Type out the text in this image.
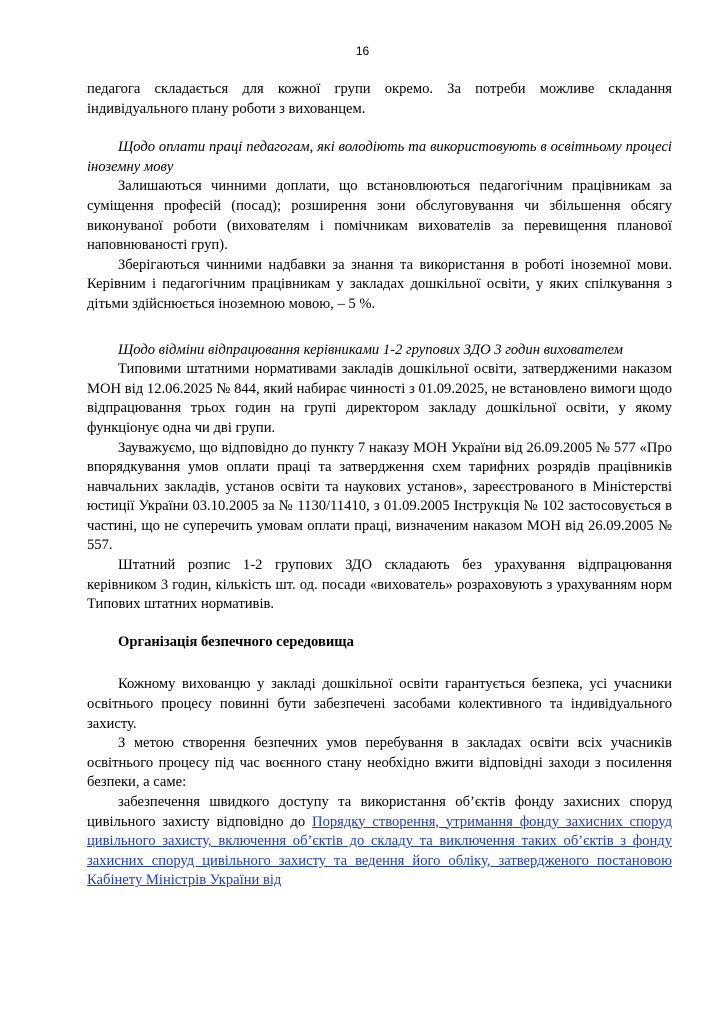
16

педагога складається для кожної групи окремо. За потреби можливе складання індивідуального плану роботи з вихованцем.

Щодо оплати праці педагогам, які володіють та використовують в освітньому процесі іноземну мову

Залишаються чинними доплати, що встановлюються педагогічним працівникам за суміщення професій (посад); розширення зони обслуговування чи збільшення обсягу виконуваної роботи (вихователям і помічникам вихователів за перевищення планової наповнюваності груп).

Зберігаються чинними надбавки за знання та використання в роботі іноземної мови. Керівним і педагогічним працівникам у закладах дошкільної освіти, у яких спілкування з дітьми здійснюється іноземною мовою, – 5 %.

Щодо відміни відпрацювання керівниками 1-2 групових ЗДО 3 годин вихователем

Типовими штатними нормативами закладів дошкільної освіти, затвердженими наказом МОН від 12.06.2025 № 844, який набирає чинності з 01.09.2025, не встановлено вимоги щодо відпрацювання трьох годин на групі директором закладу дошкільної освіти, у якому функціонує одна чи дві групи.

Зауважуємо, що відповідно до пункту 7 наказу МОН України від 26.09.2005 № 577 «Про впорядкування умов оплати праці та затвердження схем тарифних розрядів працівників навчальних закладів, установ освіти та наукових установ», зареєстрованого в Міністерстві юстиції України 03.10.2005 за № 1130/11410, з 01.09.2005 Інструкція № 102 застосовується в частині, що не суперечить умовам оплати праці, визначеним наказом МОН від 26.09.2005 № 557.

Штатний розпис 1-2 групових ЗДО складають без урахування відпрацювання керівником 3 годин, кількість шт. од. посади «вихователь» розраховують з урахуванням норм Типових штатних нормативів.

Організація безпечного середовища

Кожному вихованцю у закладі дошкільної освіти гарантується безпека, усі учасники освітнього процесу повинні бути забезпечені засобами колективного та індивідуального захисту.

З метою створення безпечних умов перебування в закладах освіти всіх учасників освітнього процесу під час воєнного стану необхідно вжити відповідні заходи з посилення безпеки, а саме:

забезпечення швидкого доступу та використання об’єктів фонду захисних споруд цивільного захисту відповідно до Порядку створення, утримання фонду захисних споруд цивільного захисту, включення об’єктів до складу та виключення таких об’єктів з фонду захисних споруд цивільного захисту та ведення його обліку, затвердженого постановою Кабінету Міністрів України від
